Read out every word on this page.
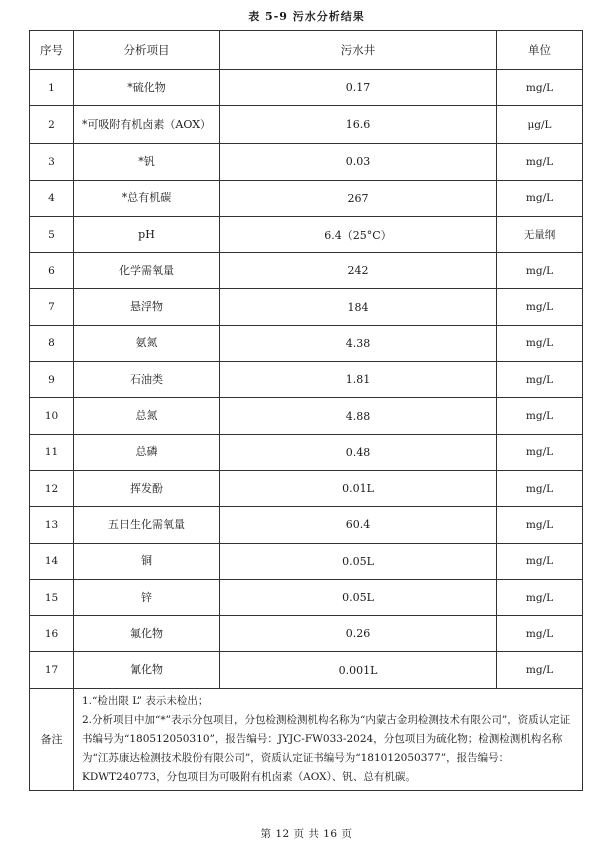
表 5-9 污水分析结果
序号	分析项目	污水井	单位
1	*硫化物	0.17	mg/L
2	*可吸附有机卤素（AOX）	16.6	μg/L
3	*钒	0.03	mg/L
4	*总有机碳	267	mg/L
5	pH	6.4（25°C）	无量纲
6	化学需氧量	242	mg/L
7	悬浮物	184	mg/L
8	氨氮	4.38	mg/L
9	石油类	1.81	mg/L
10	总氮	4.88	mg/L
11	总磷	0.48	mg/L
12	挥发酚	0.01L	mg/L
13	五日生化需氧量	60.4	mg/L
14	铜	0.05L	mg/L
15	锌	0.05L	mg/L
16	氟化物	0.26	mg/L
17	氰化物	0.001L	mg/L
备注	1.“检出限 L” 表示未检出；
2.分析项目中加“*”表示分包项目，分包检测检测机构名称为“内蒙古金玥检测技术有限公司”，资质认定证书编号为“180512050310”，报告编号：JYJC-FW033-2024，分包项目为硫化物；检测检测机构名称为“江苏康达检测技术股份有限公司”，资质认定证书编号为“181012050377”，报告编号：KDWT240773，分包项目为可吸附有机卤素（AOX）、钒、总有机碳。		
第 12 页 共 16 页
